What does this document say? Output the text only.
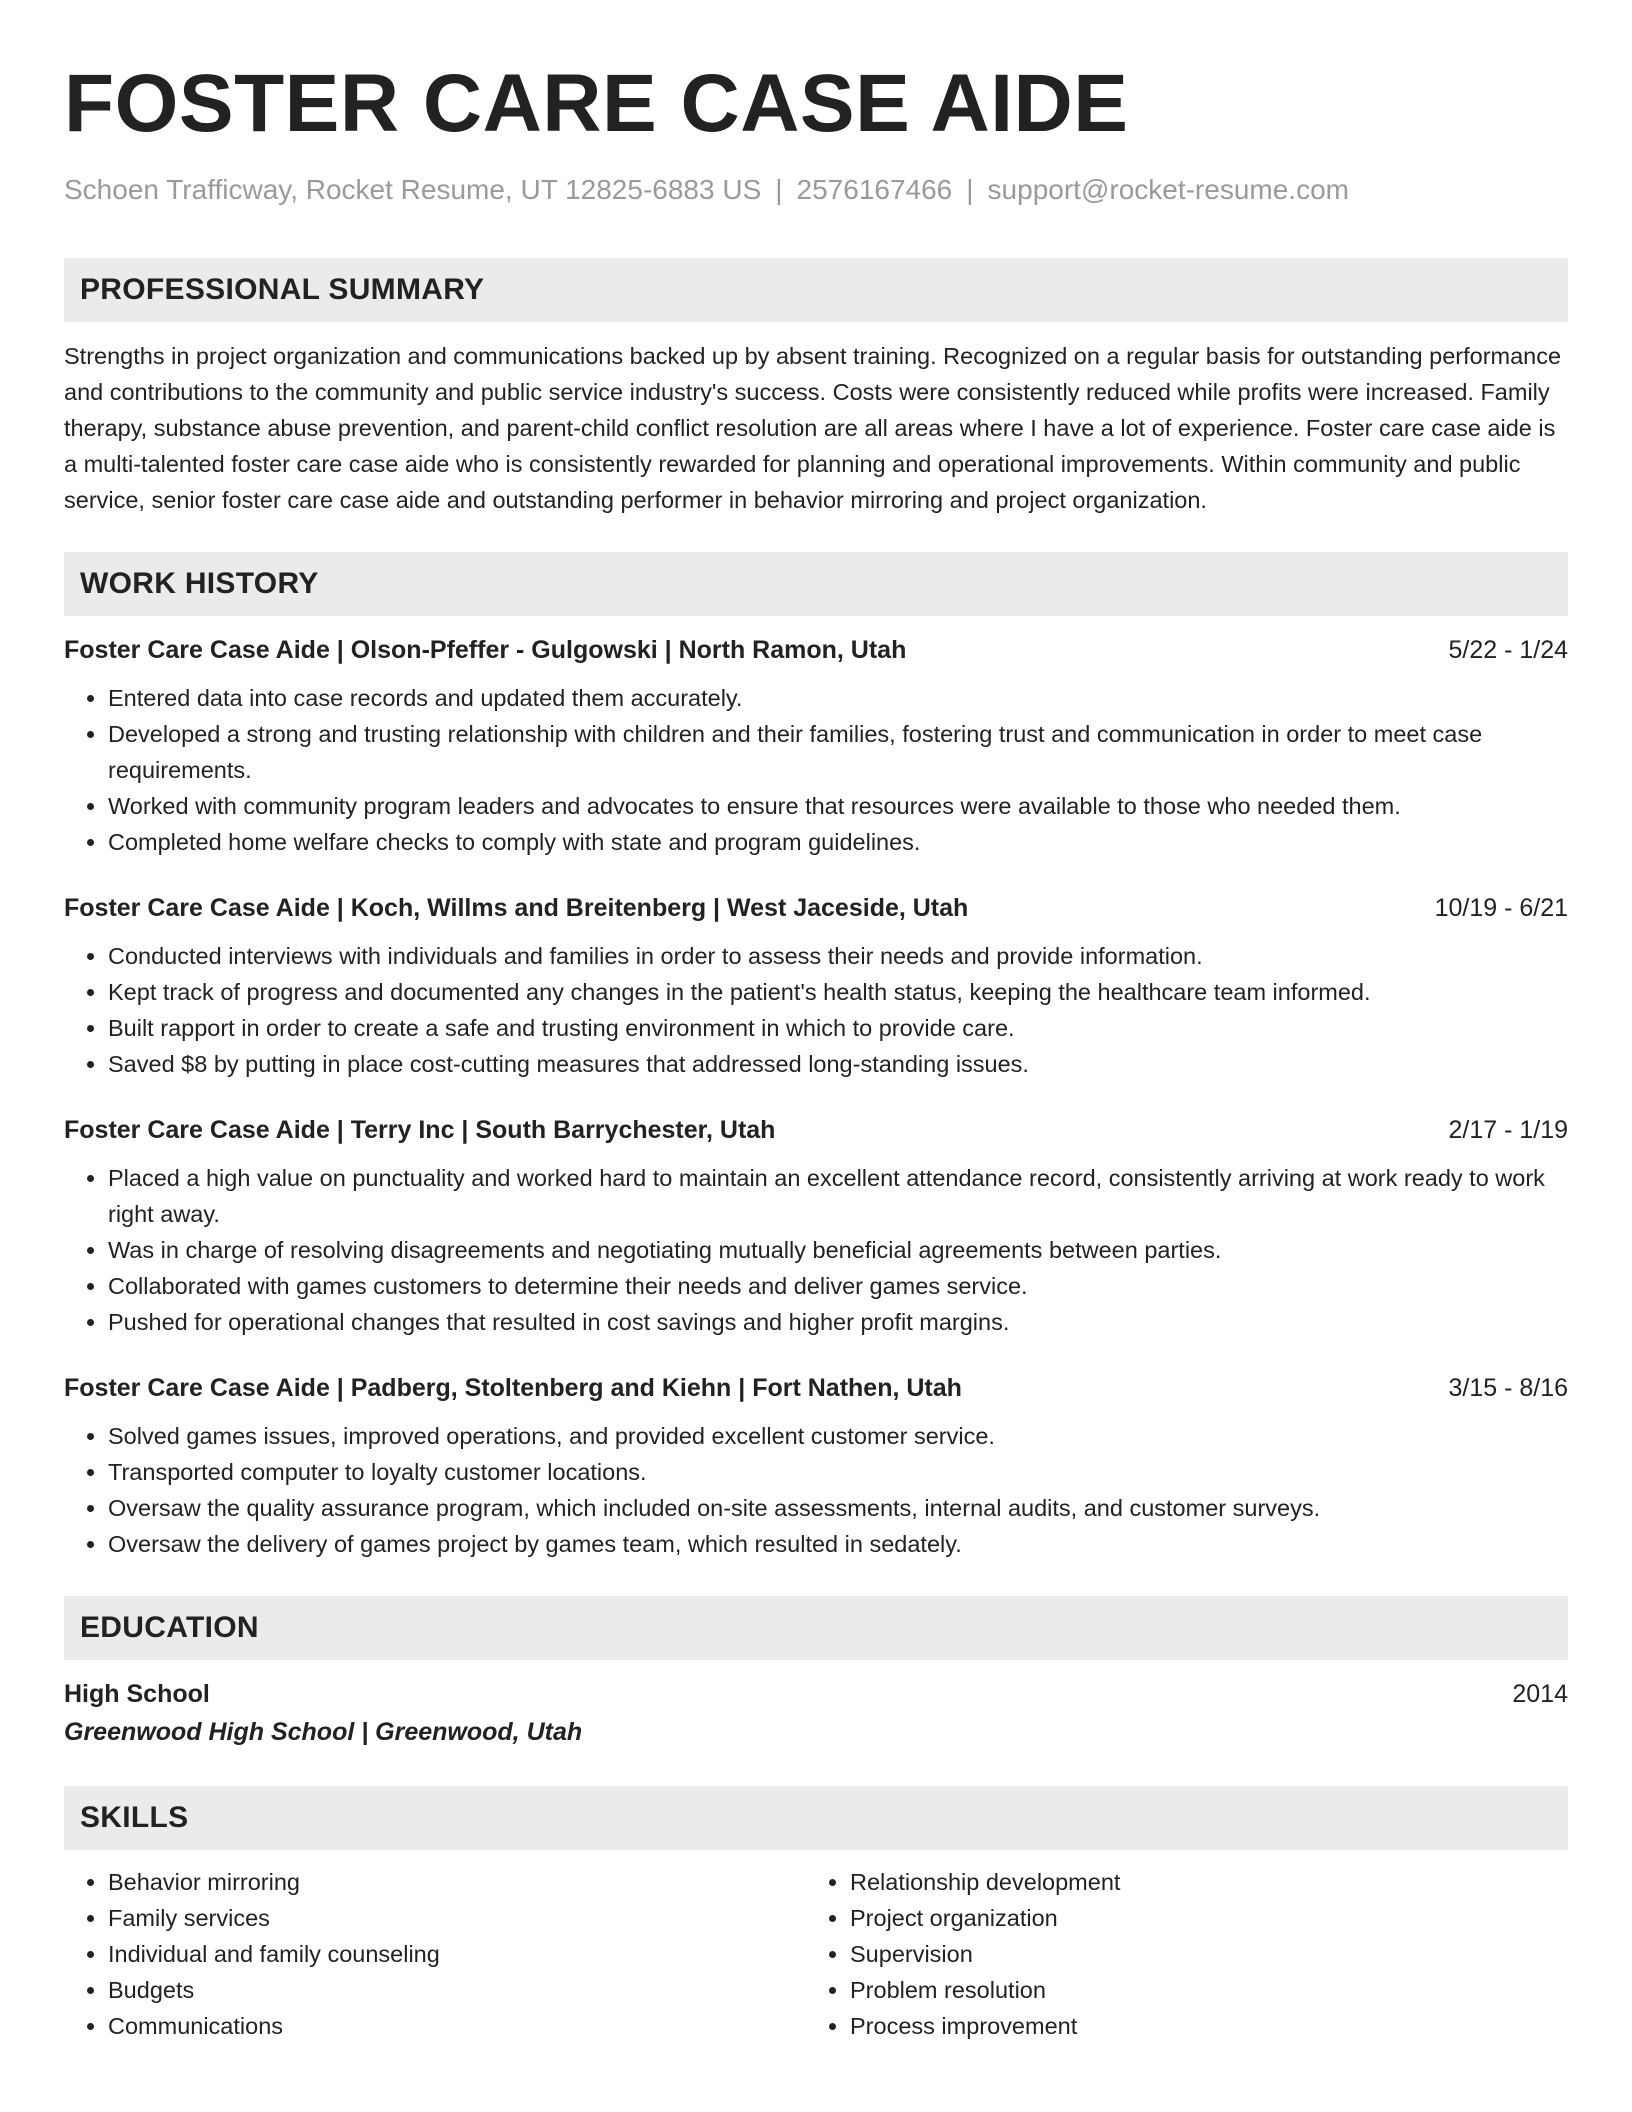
FOSTER CARE CASE AIDE
Schoen Trafficway, Rocket Resume, UT 12825-6883 US | 2576167466 | support@rocket-resume.com
PROFESSIONAL SUMMARY
Strengths in project organization and communications backed up by absent training. Recognized on a regular basis for outstanding performance and contributions to the community and public service industry's success. Costs were consistently reduced while profits were increased. Family therapy, substance abuse prevention, and parent-child conflict resolution are all areas where I have a lot of experience. Foster care case aide is a multi-talented foster care case aide who is consistently rewarded for planning and operational improvements. Within community and public service, senior foster care case aide and outstanding performer in behavior mirroring and project organization.
WORK HISTORY
Foster Care Case Aide | Olson-Pfeffer - Gulgowski | North Ramon, Utah	5/22 - 1/24
• Entered data into case records and updated them accurately.
• Developed a strong and trusting relationship with children and their families, fostering trust and communication in order to meet case requirements.
• Worked with community program leaders and advocates to ensure that resources were available to those who needed them.
• Completed home welfare checks to comply with state and program guidelines.
Foster Care Case Aide | Koch, Willms and Breitenberg | West Jaceside, Utah	10/19 - 6/21
• Conducted interviews with individuals and families in order to assess their needs and provide information.
• Kept track of progress and documented any changes in the patient's health status, keeping the healthcare team informed.
• Built rapport in order to create a safe and trusting environment in which to provide care.
• Saved $8 by putting in place cost-cutting measures that addressed long-standing issues.
Foster Care Case Aide | Terry Inc | South Barrychester, Utah	2/17 - 1/19
• Placed a high value on punctuality and worked hard to maintain an excellent attendance record, consistently arriving at work ready to work right away.
• Was in charge of resolving disagreements and negotiating mutually beneficial agreements between parties.
• Collaborated with games customers to determine their needs and deliver games service.
• Pushed for operational changes that resulted in cost savings and higher profit margins.
Foster Care Case Aide | Padberg, Stoltenberg and Kiehn | Fort Nathen, Utah	3/15 - 8/16
• Solved games issues, improved operations, and provided excellent customer service.
• Transported computer to loyalty customer locations.
• Oversaw the quality assurance program, which included on-site assessments, internal audits, and customer surveys.
• Oversaw the delivery of games project by games team, which resulted in sedately.
EDUCATION
High School	2014
Greenwood High School | Greenwood, Utah
SKILLS
• Behavior mirroring
• Family services
• Individual and family counseling
• Budgets
• Communications
• Relationship development
• Project organization
• Supervision
• Problem resolution
• Process improvement
